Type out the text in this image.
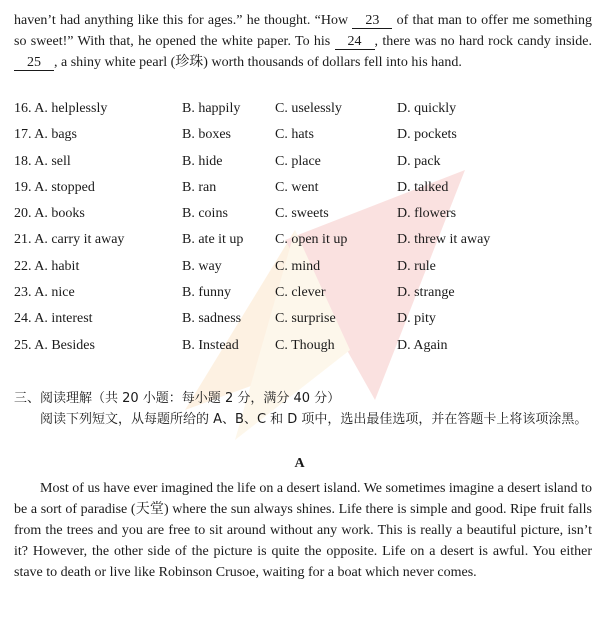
haven’t had anything like this for ages.” he thought. “How 23 of that man to offer me something so sweet!” With that, he opened the white paper. To his 24 , there was no hard rock candy inside. 25 , a shiny white pearl (珍珠) worth thousands of dollars fell into his hand.

16. A. helplessly	B. happily C. uselessly	D. quickly
17. A. bags	B. boxes	C. hats	D. pockets
18. A. sell	B. hide	C. place	D. pack
19. A. stopped	B. ran	C. went	D. talked
20. A. books	B. coins	C. sweets	D. flowers
21. A. carry it away	B. ate it up C. open it up	D. threw it away
22. A. habit	B. way	C. mind	D. rule
23. A. nice	B. funny	C. clever	D. strange
24. A. interest	B. sadness C. surprise	D. pity
25. A. Besides	B. Instead	C. Though	D. Again

三、阅读理解（共 20 小题：每小题 2 分，满分 40 分）

阅读下列短文，从每题所给的 A、B、C 和 D 项中，选出最佳选项，并在答题卡上将该项涂黑。

A

Most of us have ever imagined the life on a desert island. We sometimes imagine a desert island to be a sort of paradise (天堂) where the sun always shines. Life there is simple and good. Ripe fruit falls from the trees and you are free to sit around without any work. This is really a beautiful picture, isn’t it? However, the other side of the picture is quite the opposite. Life on a desert is awful. You either stave to death or live like Robinson Crusoe, waiting for a boat which never comes.
